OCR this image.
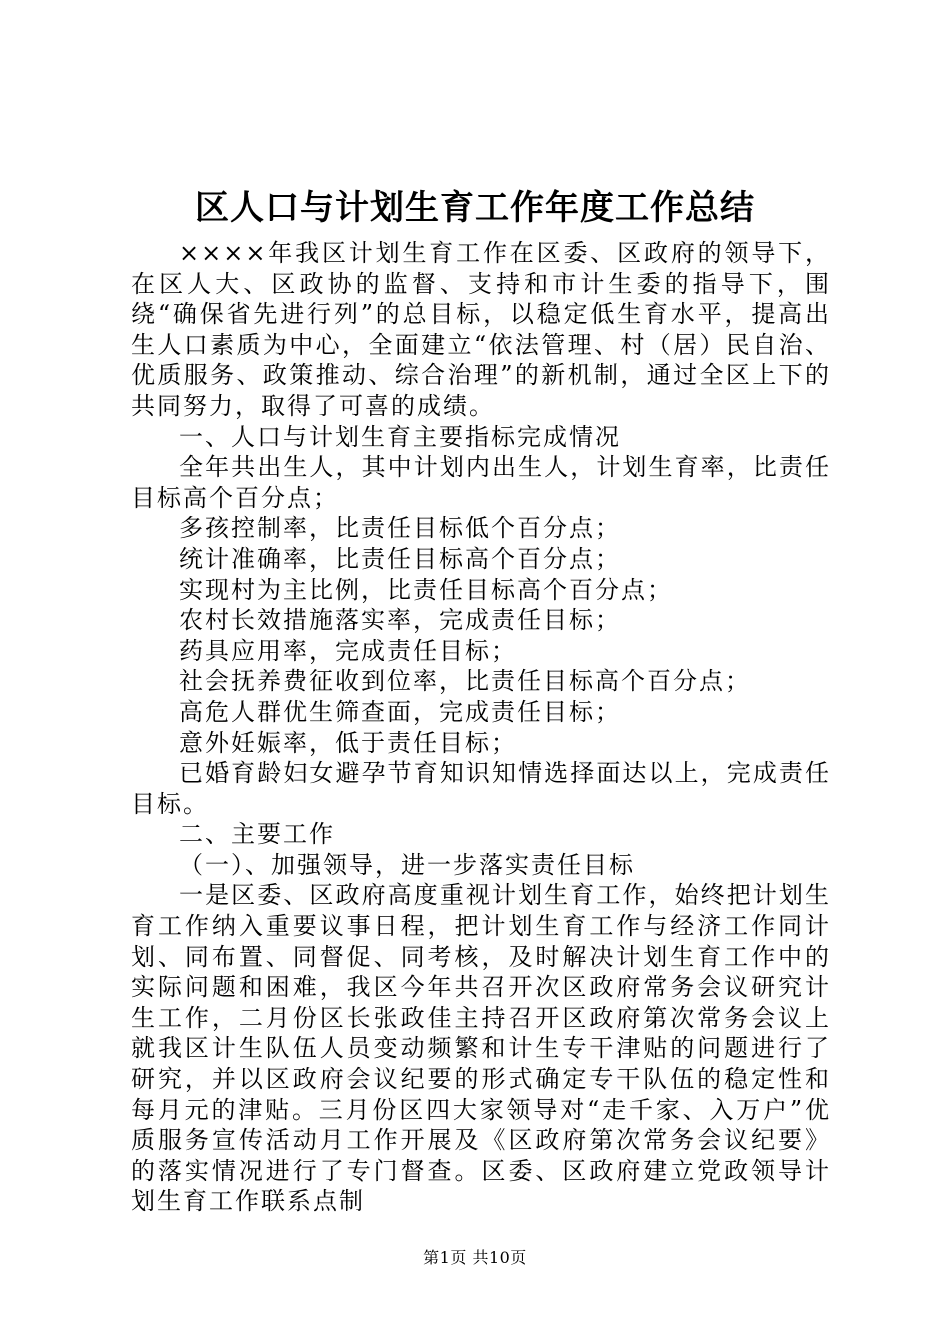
区人口与计划生育工作年度工作总结

××××年我区计划生育工作在区委、区政府的领导下，在区人大、区政协的监督、支持和市计生委的指导下，围绕“确保省先进行列”的总目标，以稳定低生育水平，提高出生人口素质为中心，全面建立“依法管理、村（居）民自治、优质服务、政策推动、综合治理”的新机制，通过全区上下的共同努力，取得了可喜的成绩。

一、人口与计划生育主要指标完成情况

全年共出生人，其中计划内出生人，计划生育率，比责任目标高个百分点；

多孩控制率，比责任目标低个百分点；

统计准确率，比责任目标高个百分点；

实现村为主比例，比责任目标高个百分点；

农村长效措施落实率，完成责任目标；

药具应用率，完成责任目标；

社会抚养费征收到位率，比责任目标高个百分点；

高危人群优生筛查面，完成责任目标；

意外妊娠率，低于责任目标；

已婚育龄妇女避孕节育知识知情选择面达以上，完成责任目标。

二、主要工作

（一）、加强领导，进一步落实责任目标

一是区委、区政府高度重视计划生育工作，始终把计划生育工作纳入重要议事日程，把计划生育工作与经济工作同计划、同布置、同督促、同考核，及时解决计划生育工作中的实际问题和困难，我区今年共召开次区政府常务会议研究计生工作，二月份区长张政佳主持召开区政府第次常务会议上就我区计生队伍人员变动频繁和计生专干津贴的问题进行了研究，并以区政府会议纪要的形式确定专干队伍的稳定性和每月元的津贴。三月份区四大家领导对“走千家、入万户”优质服务宣传活动月工作开展及《区政府第次常务会议纪要》的落实情况进行了专门督查。区委、区政府建立党政领导计划生育工作联系点制

第1页 共10页
